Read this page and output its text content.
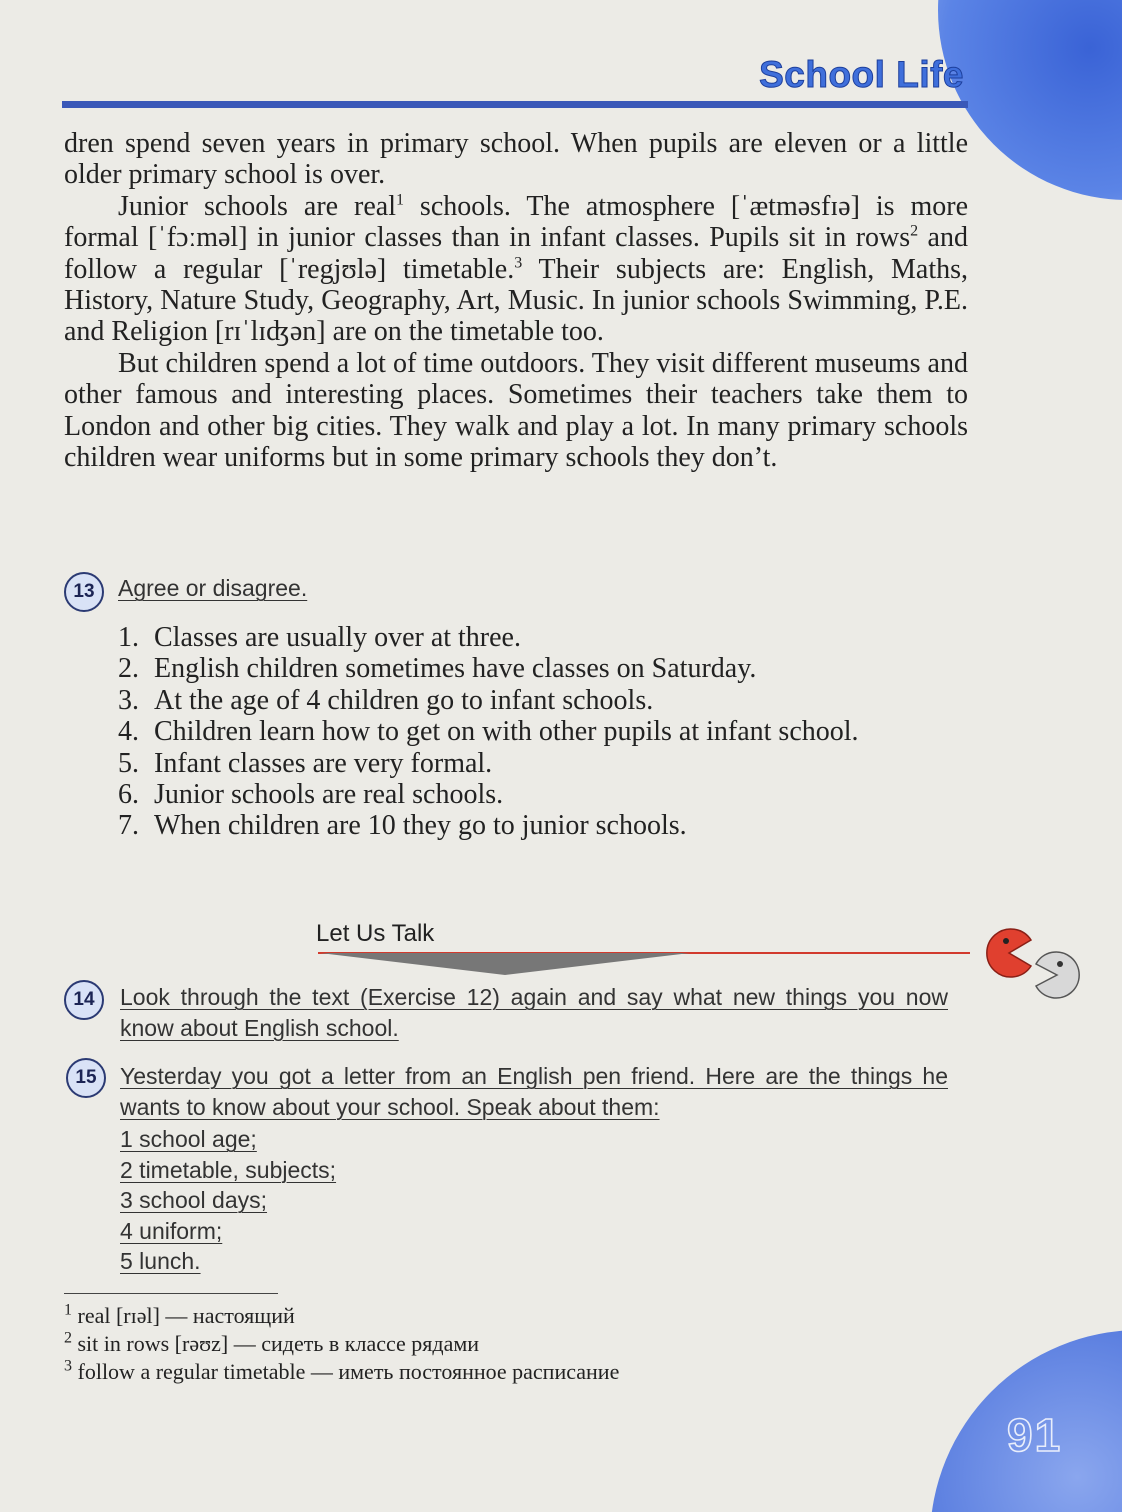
School Life

dren spend seven years in primary school. When pupils are eleven or a little older primary school is over.

Junior schools are real$^1$ schools. The atmosphere [ˈætməsfɪə] is more formal [ˈfɔːməl] in junior classes than in infant classes. Pupils sit in rows$^2$ and follow a regular [ˈregjʊlə] timetable.$^3$ Their subjects are: English, Maths, History, Nature Study, Geography, Art, Music. In junior schools Swimming, P.E. and Religion [rɪˈlɪʤən] are on the timetable too.

But children spend a lot of time outdoors. They visit different museums and other famous and interesting places. Sometimes their teachers take them to London and other big cities. They walk and play a lot. In many primary schools children wear uniforms but in some primary schools they don’t.

13	Agree or disagree.

1. Classes are usually over at three.
2. English children sometimes have classes on Saturday.
3. At the age of 4 children go to infant schools.
4. Children learn how to get on with other pupils at infant school.
5. Infant classes are very formal.
6. Junior schools are real schools.
7. When children are 10 they go to junior schools.

Let Us Talk

14	Look through the text (Exercise 12) again and say what new things you now know about English school.

15	Yesterday you got a letter from an English pen friend. Here are the things he wants to know about your school. Speak about them:

1 school age;
2 timetable, subjects;
3 school days;
4 uniform;
5 lunch.
$^1$ real [rɪəl] — настоящий
$^2$ sit in rows [rəʊz] — сидеть в классе рядами
$^3$ follow a regular timetable — иметь постоянное расписание

91
